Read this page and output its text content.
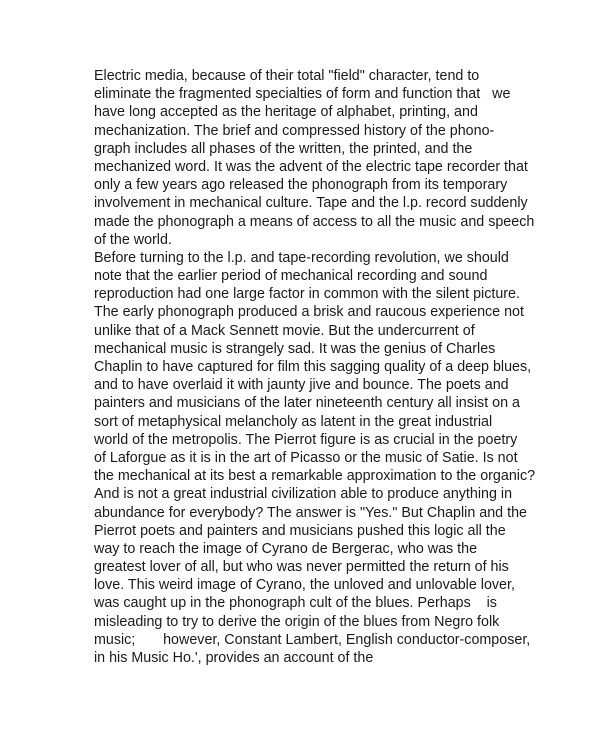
Electric media, because of their total "field" character, tend to
eliminate the fragmented specialties of form and function that   we
have long accepted as the heritage of alphabet, printing, and
mechanization. The brief and compressed history of the phono-
graph includes all phases of the written, the printed, and the
mechanized word. It was the advent of the electric tape recorder that
only a few years ago released the phonograph from its temporary
involvement in mechanical culture. Tape and the l.p. record suddenly
made the phonograph a means of access to all the music and speech
of the world.
Before turning to the l.p. and tape-recording revolution, we should
note that the earlier period of mechanical recording and sound
reproduction had one large factor in common with the silent picture.
The early phonograph produced a brisk and raucous experience not
unlike that of a Mack Sennett movie. But the undercurrent of
mechanical music is strangely sad. It was the genius of Charles
Chaplin to have captured for film this sagging quality of a deep blues,
and to have overlaid it with jaunty jive and bounce. The poets and
painters and musicians of the later nineteenth century all insist on a
sort of metaphysical melancholy as latent in the great industrial
world of the metropolis. The Pierrot figure is as crucial in the poetry
of Laforgue as it is in the art of Picasso or the music of Satie. Is not
the mechanical at its best a remarkable approximation to the organic?
And is not a great industrial civilization able to produce anything in
abundance for everybody? The answer is "Yes." But Chaplin and the
Pierrot poets and painters and musicians pushed this logic all the
way to reach the image of Cyrano de Bergerac, who was the
greatest lover of all, but who was never permitted the return of his
love. This weird image of Cyrano, the unloved and unlovable lover,
was caught up in the phonograph cult of the blues. Perhaps    is
misleading to try to derive the origin of the blues from Negro folk
music;       however, Constant Lambert, English conductor-composer,
in his Music Ho.', provides an account of the
